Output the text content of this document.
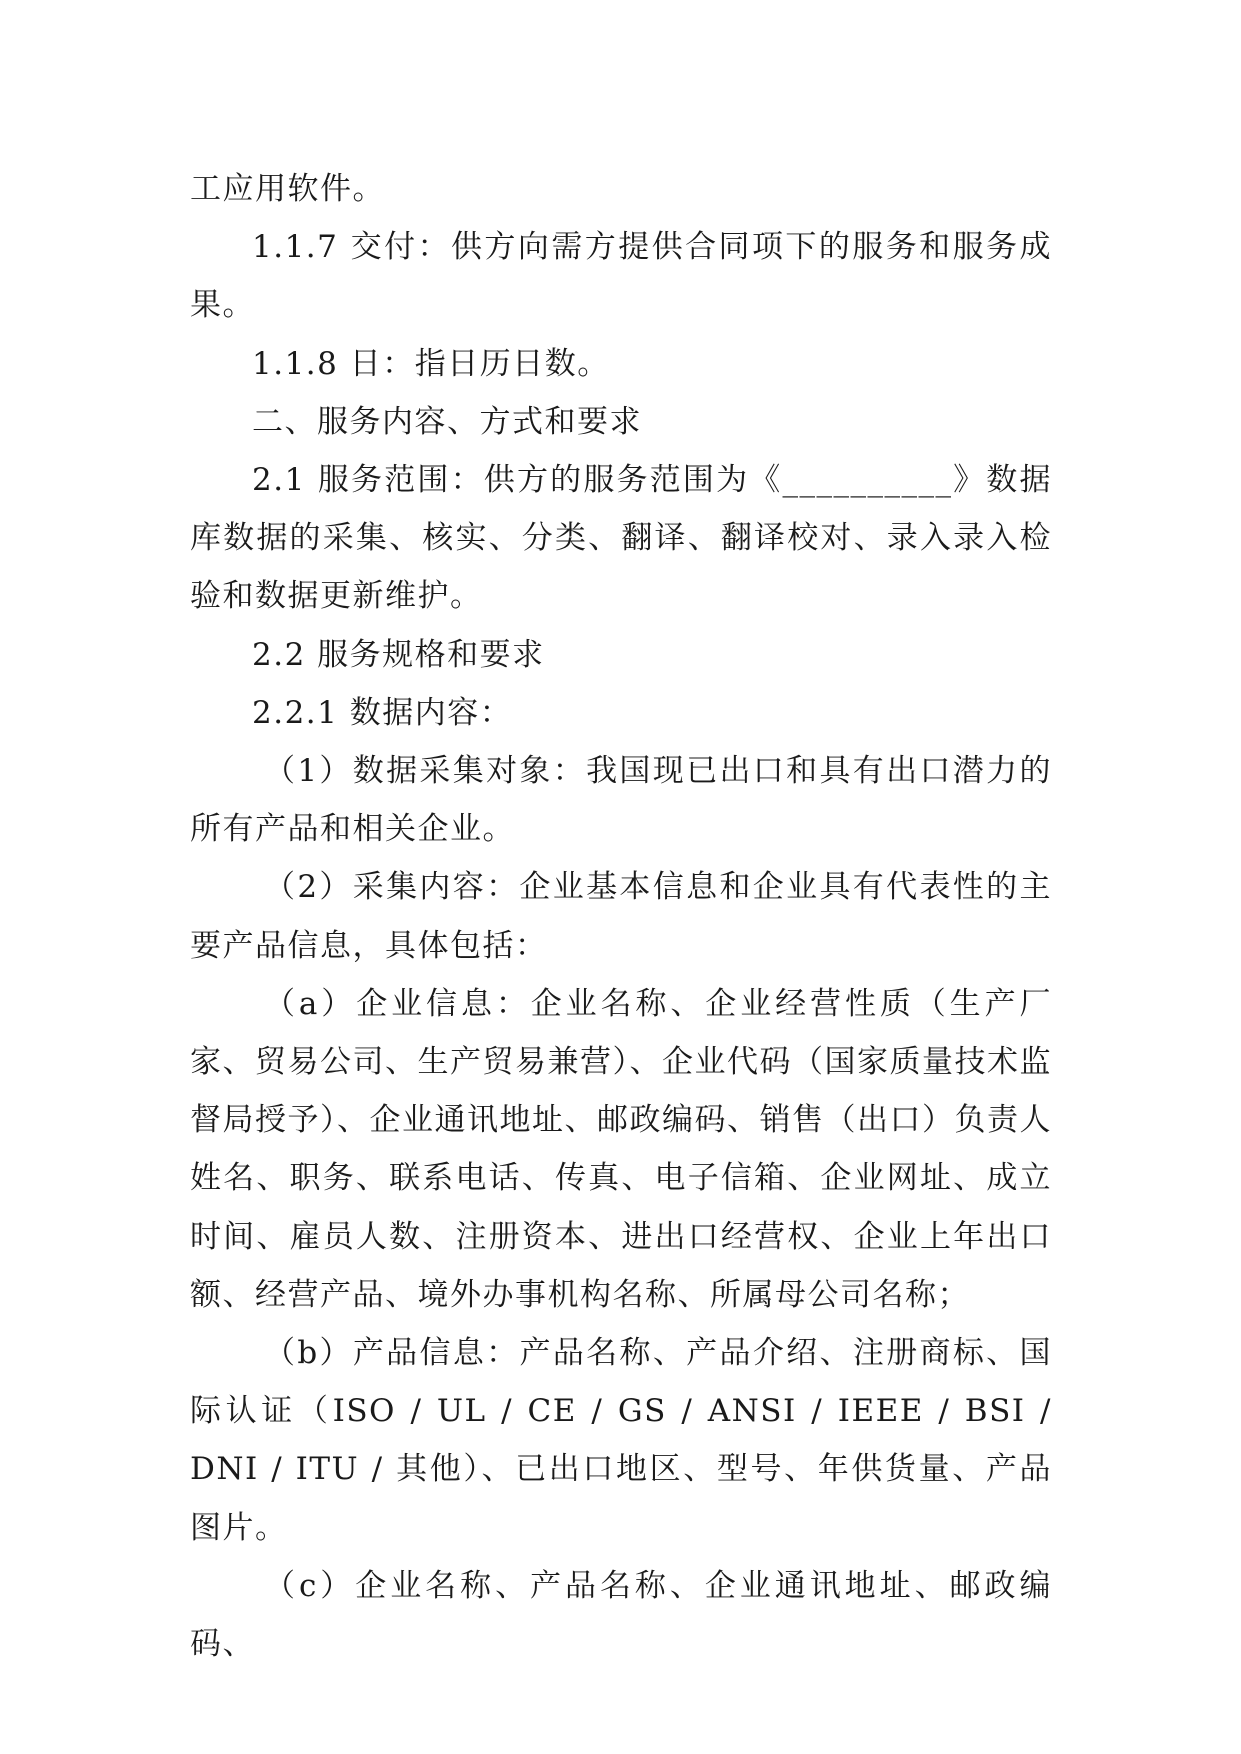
工应用软件。

1.1.7 交付：供方向需方提供合同项下的服务和服务成果。

1.1.8 日：指日历日数。

二、服务内容、方式和要求

2.1 服务范围：供方的服务范围为《__________》数据库数据的采集、核实、分类、翻译、翻译校对、录入录入检验和数据更新维护。

2.2 服务规格和要求

2.2.1 数据内容：

（1）数据采集对象：我国现已出口和具有出口潜力的所有产品和相关企业。

（2）采集内容：企业基本信息和企业具有代表性的主要产品信息，具体包括：

（a）企业信息：企业名称、企业经营性质（生产厂家、贸易公司、生产贸易兼营）、企业代码（国家质量技术监督局授予）、企业通讯地址、邮政编码、销售（出口）负责人姓名、职务、联系电话、传真、电子信箱、企业网址、成立时间、雇员人数、注册资本、进出口经营权、企业上年出口额、经营产品、境外办事机构名称、所属母公司名称；

（b）产品信息：产品名称、产品介绍、注册商标、国际认证（ISO / UL / CE / GS / ANSI / IEEE / BSI / DNI / ITU / 其他）、已出口地区、型号、年供货量、产品图片。

（c）企业名称、产品名称、企业通讯地址、邮政编码、
